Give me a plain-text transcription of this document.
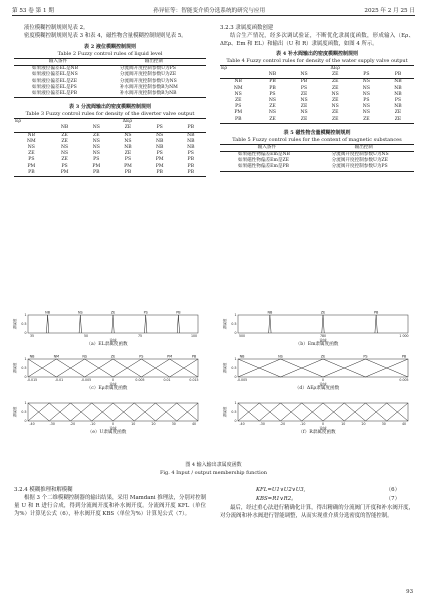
第 53 卷 第 1 期	孙异征等：智能变介质分选系统的研究与应用	2025 年 2 月 25 日

液位模糊控制规则见表 2。

密度模糊控制规则见表 3 和表 4，磁性物含量模糊控制规则见表 5。

表 2 液位模糊控制规则
Table 2 Fuzzy control rules of liquid level
输入条件	输出控制
如果液位偏差EL是NB	分流阀开度控制参数U为PS
如果液位偏差EL是NS	分流阀开度控制参数U为ZE
如果液位偏差EL是ZE	分流阀开度控制参数U为NS
如果液位偏差EL是PS	补水阀开度控制参数B为NM
如果液位偏差EL是PB	补水阀开度控制参数B为NB
表 3 分流阀输出的密度模糊控制规则
Table 3 Fuzzy control rules for density of the diverter valve output
Eρ	ΔEρ				
	NB	NS	ZE	PS	PB
NB	ZE	ZE	NS	NS	NB
NM	ZE	NS	NS	NB	NB
NS	NS	NS	NB	NB	NB
ZE	NS	NS	ZE	PS	PS
PS	ZE	PS	PS	PM	PB
PM	PS	PM	PM	PM	PB
PB	PM	PB	PB	PB	PB
3.2.3 隶属度函数创建

结合生产情况，经多次调试验证，不断优化隶属度函数，形成输入（Eρ、ΔEρ、Em 和 EL）和输出（U 和 R）隶属度函数，如图 4 所示。

表 4 补水阀输出的密度模糊控制规则
Table 4 Fuzzy control rules for density of the water supply valve output
Eρ	ΔEρ				
	NB	NS	ZE	PS	PB
NB	PB	PB	ZE	NS	NB
NM	PB	PS	ZE	NS	NB
NS	PS	ZE	NS	NS	NB
ZE	NS	NS	ZE	PS	PS
PS	ZE	ZE	NS	NS	NB
PM	NS	NS	ZE	NS	ZE
PB	ZE	ZE	ZE	ZE	ZE
表 5 磁性物含量模糊控制规则
Table 5 Fuzzy control rules for the content of magnetic substances
输入条件	输出控制
如果磁性物偏差Em是NB	分流阀开度控制参数U为NS
如果磁性物偏差Em是ZE	分流阀开度控制参数U为ZE
如果磁性物偏差Em是PB	分流阀开度控制参数U为PS
隶属度
1
0.5
0
论域
35	50	75	100
NB	NS	ZE	PS	PB
（a）EL隶属度函数
隶属度
1
0.5
0
论域
500	780	1 000
NB	ZE	PB
（b）Em隶属度函数
隶属度
1
0.5
0
论域
-0.015	-0.01	-0.005	0	0.005	0.01	0.015
NB	NM	NS	ZE	PS	PM	PB
（c）Eρ隶属度函数
隶属度
1
0.5
0
论域
-0.005	0	0.005
NB	NS	ZE	PS	PB
（d）ΔEρ隶属度函数
隶属度
1
0.5
0
论域
-40	-30	-20	-10	0	10	20	30	40
（e）U隶属度函数
隶属度
1
0.5
0
论域
-40	-30	-20	-10	0	10	20	30	40
（f）R隶属度函数
图 4 输入输出隶属度函数
Fig. 4 Input / output membership function
3.2.4 模糊推理和解模糊

根据 3 个二维模糊控制器的输出结果，采用 Mamdani 推理法，分别对控制量 U 和 R 进行合成，得到分流阀开度和补水阀开度。分流阀开度 KFL（单位为%）计算见公式（6），补水阀开度 KBS（单位为%）计算见公式（7）。

KFL=U1∨U2∨U3,	（6）
KBS=R1∨R2。	（7）

最后，经过重心法进行精确化计算，得出精确的分流阀门开度和补水阀开度，对分流阀和补水阀进行智能调整，从而实现重介质分选密度的智能控制。

93
